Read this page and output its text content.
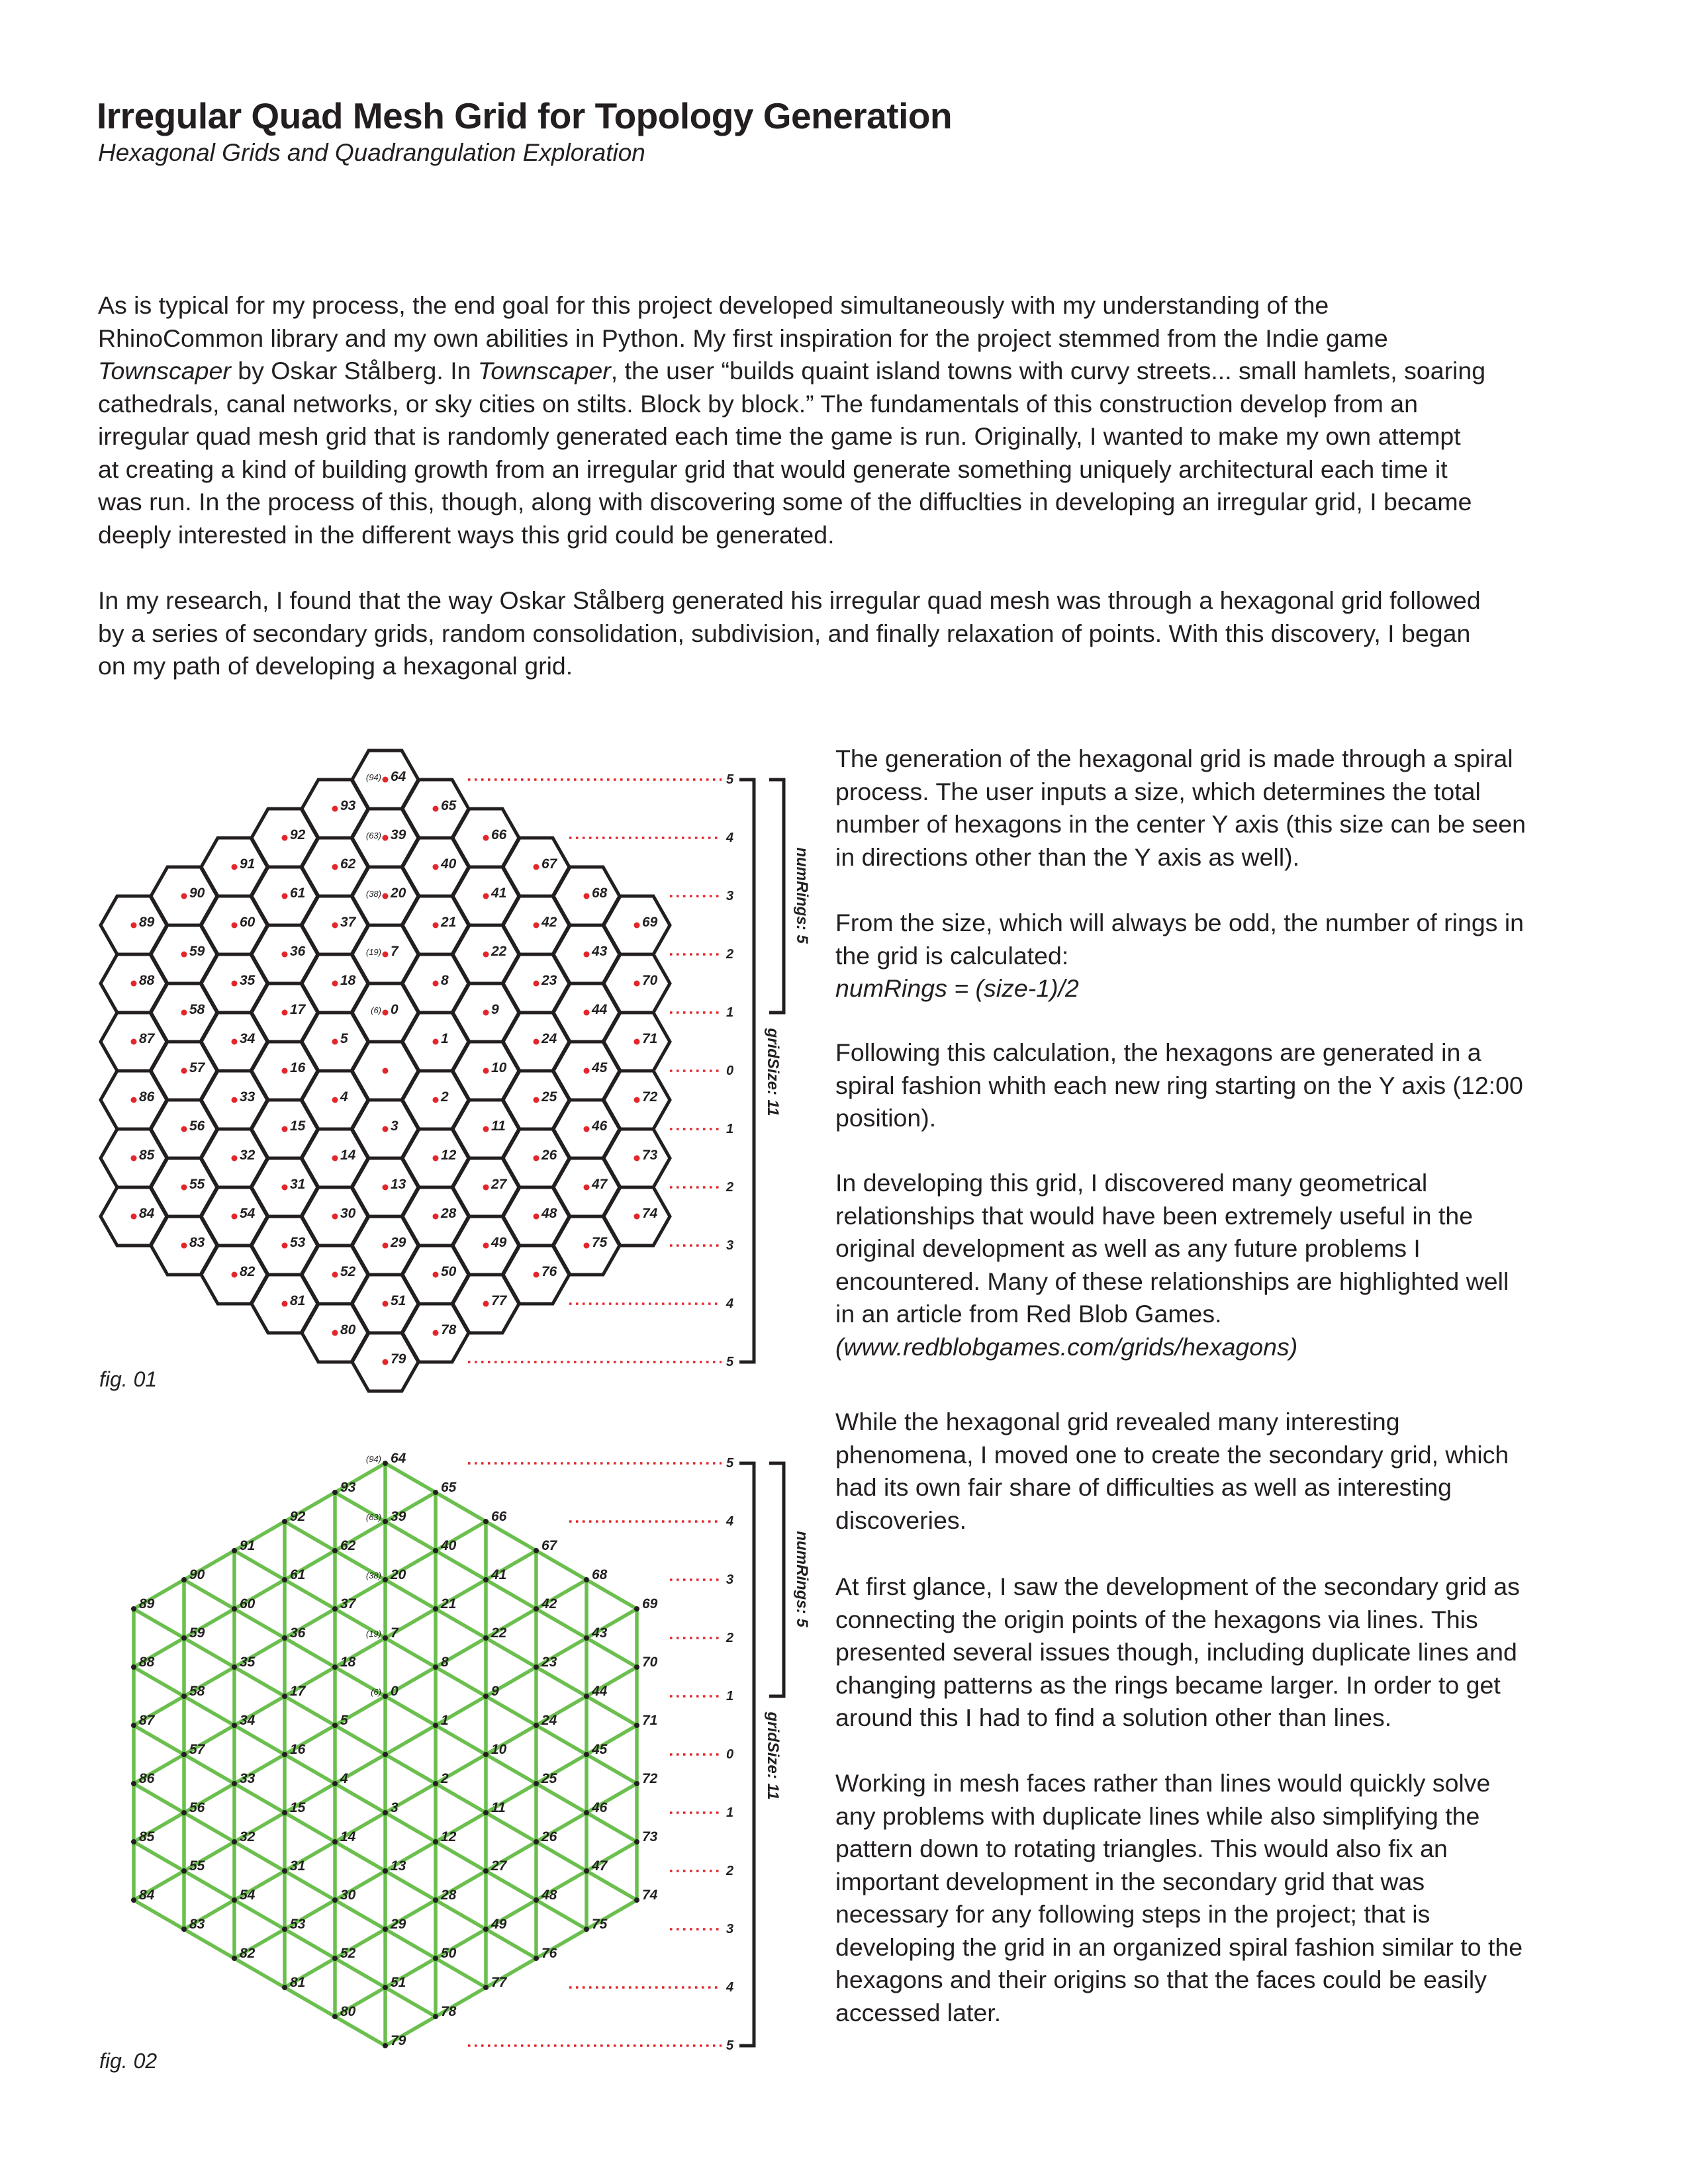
Irregular Quad Mesh Grid for Topology Generation
Hexagonal Grids and Quadrangulation Exploration
As is typical for my process, the end goal for this project developed simultaneously with my understanding of the
RhinoCommon library and my own abilities in Python. My first inspiration for the project stemmed from the Indie game
Townscaper by Oskar Stålberg. In Townscaper, the user “builds quaint island towns with curvy streets... small hamlets, soaring
cathedrals, canal networks, or sky cities on stilts. Block by block.” The fundamentals of this construction develop from an
irregular quad mesh grid that is randomly generated each time the game is run. Originally, I wanted to make my own attempt
at creating a kind of building growth from an irregular grid that would generate something uniquely architectural each time it
was run. In the process of this, though, along with discovering some of the diffuclties in developing an irregular grid, I became
deeply interested in the different ways this grid could be generated.
In my research, I found that the way Oskar Stålberg generated his irregular quad mesh was through a hexagonal grid followed
by a series of secondary grids, random consolidation, subdivision, and finally relaxation of points. With this discovery, I began
on my path of developing a hexagonal grid.
The generation of the hexagonal grid is made through a spiral
process. The user inputs a size, which determines the total
number of hexagons in the center Y axis (this size can be seen
in directions other than the Y axis as well).
From the size, which will always be odd, the number of rings in
the grid is calculated:
numRings = (size-1)/2
Following this calculation, the hexagons are generated in a
spiral fashion whith each new ring starting on the Y axis (12:00
position).
In developing this grid, I discovered many geometrical
relationships that would have been extremely useful in the
original development as well as any future problems I
encountered. Many of these relationships are highlighted well
in an article from Red Blob Games.
(www.redblobgames.com/grids/hexagons)
While the hexagonal grid revealed many interesting
phenomena, I moved one to create the secondary grid, which
had its own fair share of difficulties as well as interesting
discoveries.
At first glance, I saw the development of the secondary grid as
connecting the origin points of the hexagons via lines. This
presented several issues though, including duplicate lines and
changing patterns as the rings became larger. In order to get
around this I had to find a solution other than lines.
Working in mesh faces rather than lines would quickly solve
any problems with duplicate lines while also simplifying the
pattern down to rotating triangles. This would also fix an
important development in the secondary grid that was
necessary for any following steps in the project; that is
developing the grid in an organized spiral fashion similar to the
hexagons and their origins so that the faces could be easily
accessed later.
89
88
87
86
85
84
90
59
58
57
56
55
83
91
60
35
34
33
32
54
82
92
61
36
17
16
15
31
53
81
93
62
37
18
5
4
14
30
52
80
64
(94)
39
(63)
20
(38)
7
(19)
0
(6)
3
13
29
51
79
65
40
21
8
1
2
12
28
50
78
66
41
22
9
10
11
27
49
77
67
42
23
24
25
26
48
76
68
43
44
45
46
47
75
69
70
71
72
73
74
5
4
3
2
1
0
1
2
3
4
5
numRings: 5
gridSize: 11
89
88
87
86
85
84
90
59
58
57
56
55
83
91
60
35
34
33
32
54
82
92
61
36
17
16
15
31
53
81
93
62
37
18
5
4
14
30
52
80
64
(94)
39
(63)
20
(38)
7
(19)
0
(6)
3
13
29
51
79
65
40
21
8
1
2
12
28
50
78
66
41
22
9
10
11
27
49
77
67
42
23
24
25
26
48
76
68
43
44
45
46
47
75
69
70
71
72
73
74
5
4
3
2
1
0
1
2
3
4
5
numRings: 5
gridSize: 11
fig. 01
fig. 02
